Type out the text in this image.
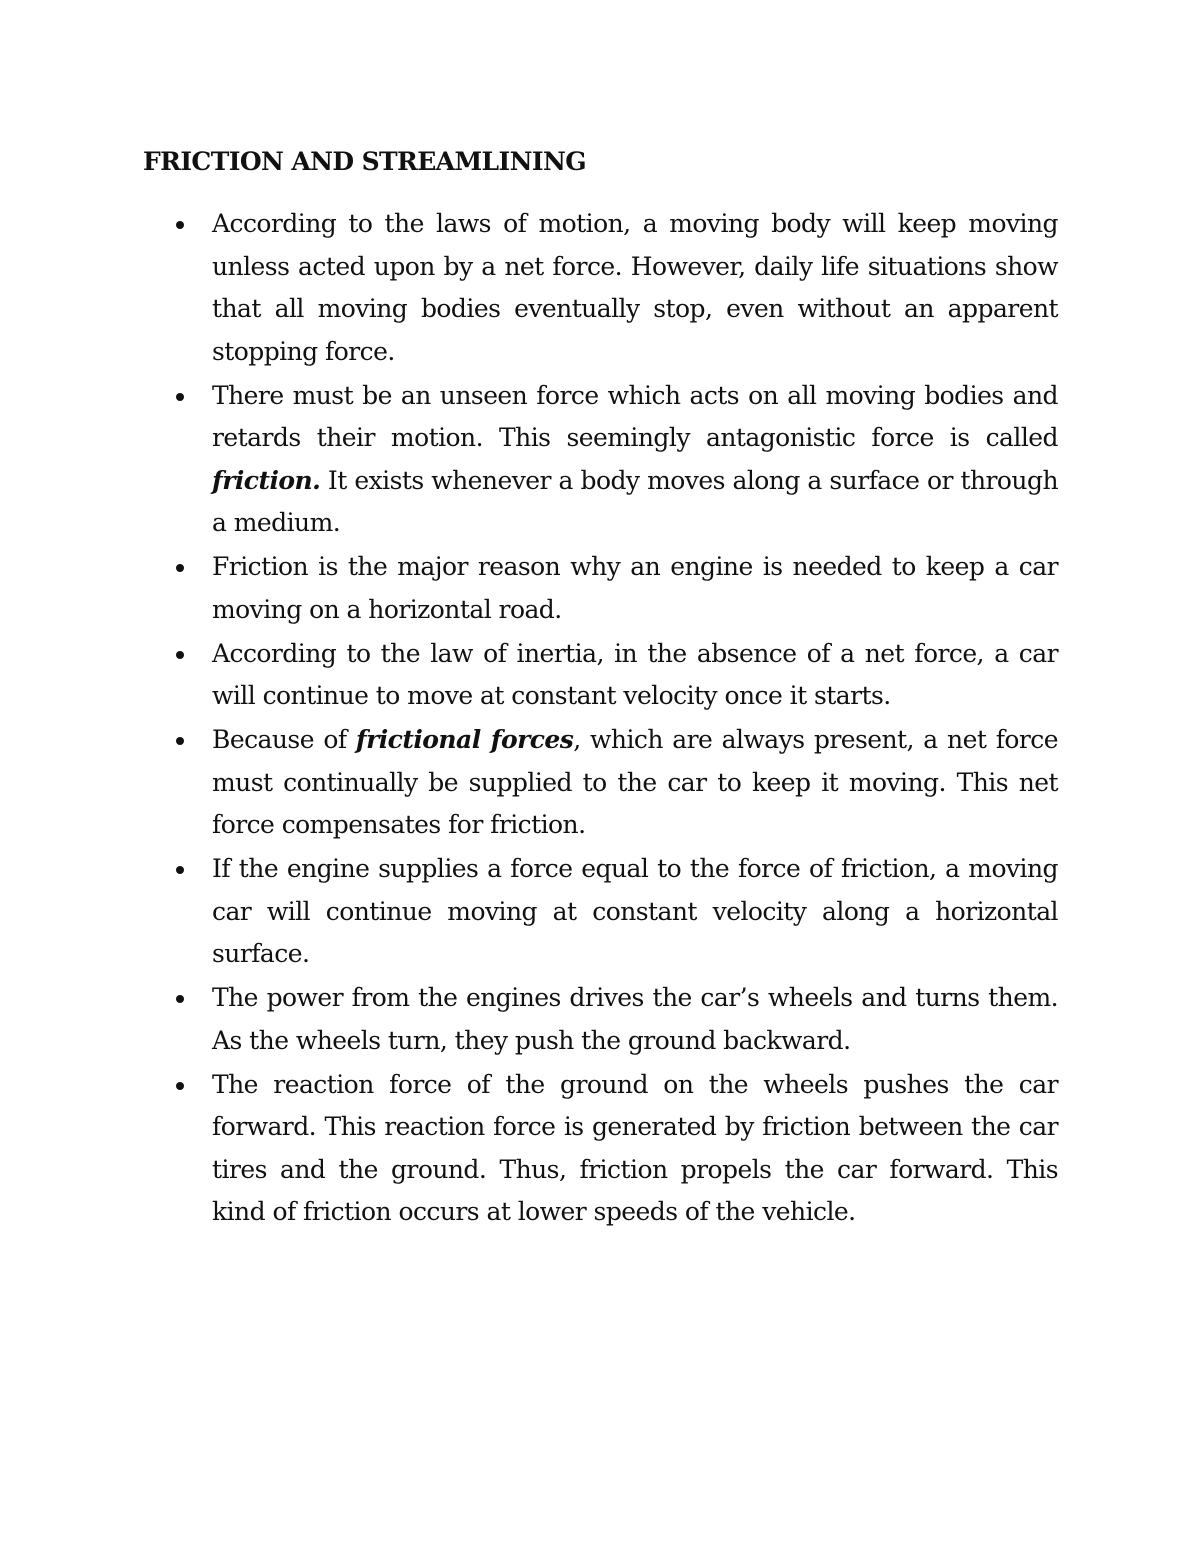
FRICTION AND STREAMLINING
According to the laws of motion, a moving body will keep moving unless acted upon by a net force. However, daily life situations show that all moving bodies eventually stop, even without an apparent stopping force.
There must be an unseen force which acts on all moving bodies and retards their motion. This seemingly antagonistic force is called friction. It exists whenever a body moves along a surface or through a medium.
Friction is the major reason why an engine is needed to keep a car moving on a horizontal road.
According to the law of inertia, in the absence of a net force, a car will continue to move at constant velocity once it starts.
Because of frictional forces, which are always present, a net force must continually be supplied to the car to keep it moving. This net force compensates for friction.
If the engine supplies a force equal to the force of friction, a moving car will continue moving at constant velocity along a horizontal surface.
The power from the engines drives the car’s wheels and turns them. As the wheels turn, they push the ground backward.
The reaction force of the ground on the wheels pushes the car forward. This reaction force is generated by friction between the car tires and the ground. Thus, friction propels the car forward. This kind of friction occurs at lower speeds of the vehicle.
